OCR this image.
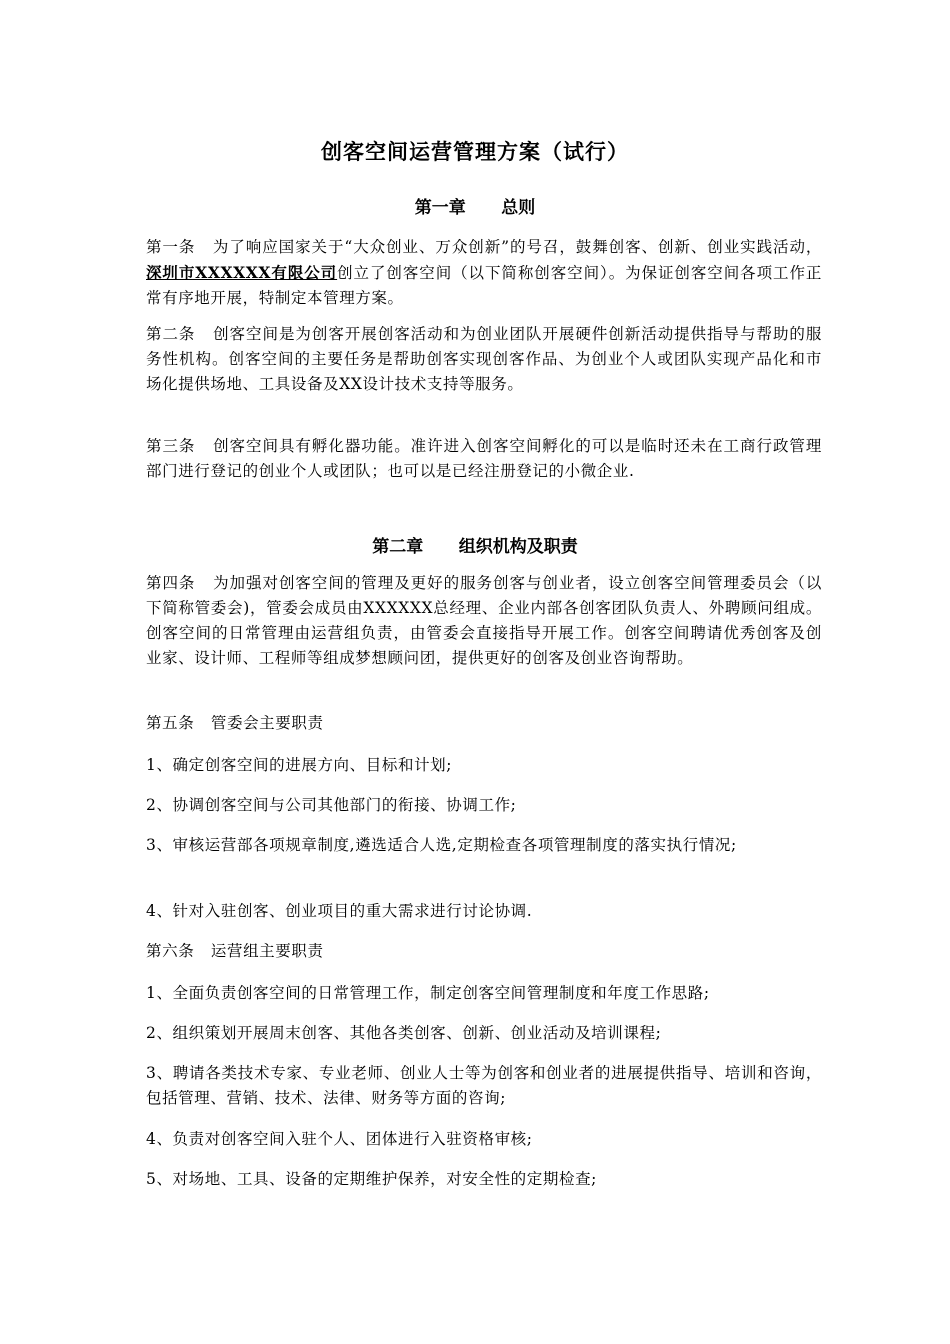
创客空间运营管理方案（试行）
第一章      总则
第一条   为了响应国家关于“大众创业、万众创新”的号召，鼓舞创客、创新、创业实践活动，深圳市XXXXXX有限公司创立了创客空间（以下简称创客空间）。为保证创客空间各项工作正常有序地开展，特制定本管理方案。
第二条   创客空间是为创客开展创客活动和为创业团队开展硬件创新活动提供指导与帮助的服务性机构。创客空间的主要任务是帮助创客实现创客作品、为创业个人或团队实现产品化和市场化提供场地、工具设备及XX设计技术支持等服务。
第三条   创客空间具有孵化器功能。准许进入创客空间孵化的可以是临时还未在工商行政管理部门进行登记的创业个人或团队；也可以是已经注册登记的小微企业.
第二章      组织机构及职责
第四条   为加强对创客空间的管理及更好的服务创客与创业者，设立创客空间管理委员会（以下简称管委会)，管委会成员由XXXXXX总经理、企业内部各创客团队负责人、外聘顾问组成。创客空间的日常管理由运营组负责，由管委会直接指导开展工作。创客空间聘请优秀创客及创业家、设计师、工程师等组成梦想顾问团，提供更好的创客及创业咨询帮助。
第五条   管委会主要职责
1、确定创客空间的进展方向、目标和计划;
2、协调创客空间与公司其他部门的衔接、协调工作;
3、审核运营部各项规章制度,遴选适合人选,定期检查各项管理制度的落实执行情况;
4、针对入驻创客、创业项目的重大需求进行讨论协调.
第六条   运营组主要职责
1、全面负责创客空间的日常管理工作，制定创客空间管理制度和年度工作思路;
2、组织策划开展周末创客、其他各类创客、创新、创业活动及培训课程;
3、聘请各类技术专家、专业老师、创业人士等为创客和创业者的进展提供指导、培训和咨询，包括管理、营销、技术、法律、财务等方面的咨询;
4、负责对创客空间入驻个人、团体进行入驻资格审核;
5、对场地、工具、设备的定期维护保养，对安全性的定期检查;
